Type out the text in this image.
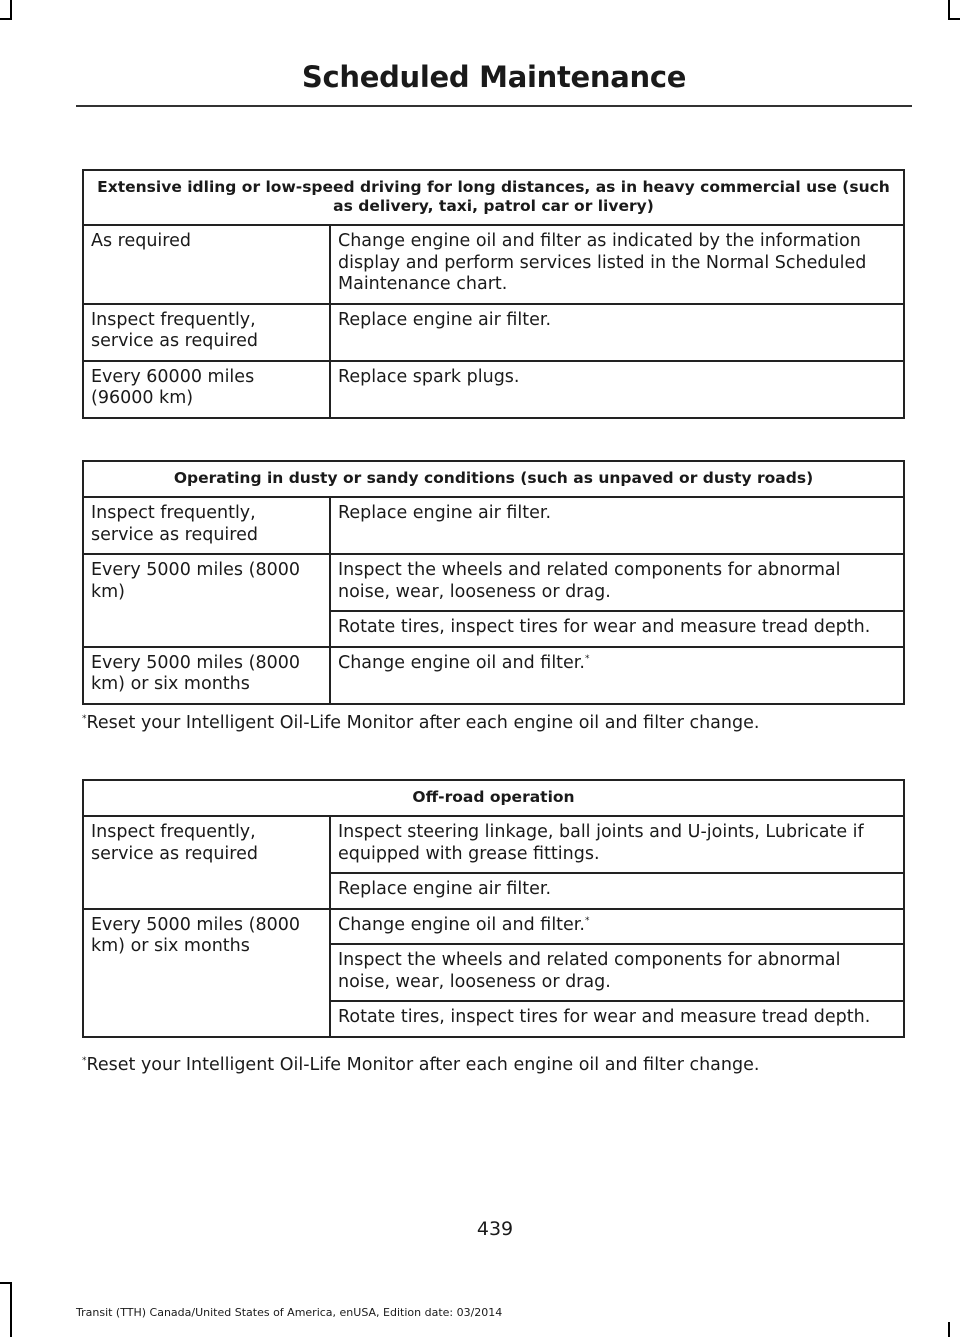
Scheduled Maintenance
Extensive idling or low-speed driving for long distances, as in heavy commercial use (such as delivery, taxi, patrol car or livery)	
As required	Change engine oil and filter as indicated by the information display and perform services listed in the Normal Scheduled Maintenance chart.
Inspect frequently, service as required	Replace engine air filter.
Every 60000 miles (96000 km)	Replace spark plugs.
Operating in dusty or sandy conditions (such as unpaved or dusty roads)	
Inspect frequently, service as required	Replace engine air filter.
Every 5000 miles (8000 km)	Inspect the wheels and related components for abnormal noise, wear, looseness or drag.
	Rotate tires, inspect tires for wear and measure tread depth.
Every 5000 miles (8000 km) or six months	Change engine oil and filter.*
*Reset your Intelligent Oil-Life Monitor after each engine oil and filter change.
Off-road operation	
Inspect frequently, service as required	Inspect steering linkage, ball joints and U-joints, Lubricate if equipped with grease fittings.
	Replace engine air filter.
Every 5000 miles (8000 km) or six months	Change engine oil and filter.*
	Inspect the wheels and related components for abnormal noise, wear, looseness or drag.
	Rotate tires, inspect tires for wear and measure tread depth.
*Reset your Intelligent Oil-Life Monitor after each engine oil and filter change.
439
Transit (TTH) Canada/United States of America, enUSA, Edition date: 03/2014
